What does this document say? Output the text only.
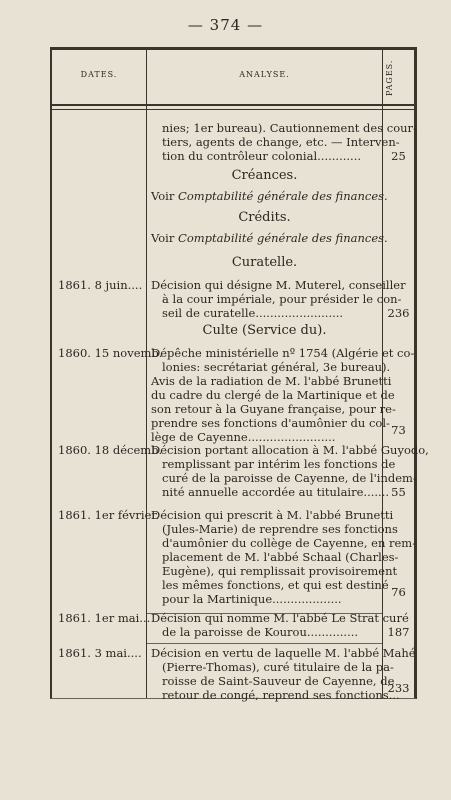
— 374 —
DATES.	ANALYSE.	PAGES.
nies; 1er bureau). Cautionnement des cour-
tiers, agents de change, etc. — Interven-
tion du contrôleur colonial............	25
Créances.
Voir Comptabilité générale des finances.
Crédits.
Voir Comptabilité générale des finances.
Curatelle.
1861. 8 juin.... Décision qui désigne M. Muterel, conseiller
à la cour impériale, pour présider le con-
seil de curatelle........................	236
Culte (Service du).
1860. 15 novemb.
Dépêche ministérielle nº 1754 (Algérie et co-
lonies: secrétariat général, 3e bureau).
Avis de la radiation de M. l'abbé Brunetti
du cadre du clergé de la Martinique et de
son retour à la Guyane française, pour re-
prendre ses fonctions d'aumônier du col-
lège de Cayenne........................	73
1860. 18 décemb.
Décision portant allocation à M. l'abbé Guyodo,
remplissant par intérim les fonctions de
curé de la paroisse de Cayenne, de l'indem-
nité annuelle accordée au titulaire....... 55
1861. 1er février.
Décision qui prescrit à M. l'abbé Brunetti
(Jules-Marie) de reprendre ses fonctions
d'aumônier du collège de Cayenne, en rem-
placement de M. l'abbé Schaal (Charles-
Eugène), qui remplissait provisoirement
les mêmes fonctions, et qui est destiné
pour la Martinique...................	76
1861. 1er mai... Décision qui nomme M. l'abbé Le Strat curé
de la paroisse de Kourou..............	187
1861. 3 mai.... Décision en vertu de laquelle M. l'abbé Mahé
(Pierre-Thomas), curé titulaire de la pa-
roisse de Saint-Sauveur de Cayenne, de
retour de congé, reprend ses fonctions...
233
